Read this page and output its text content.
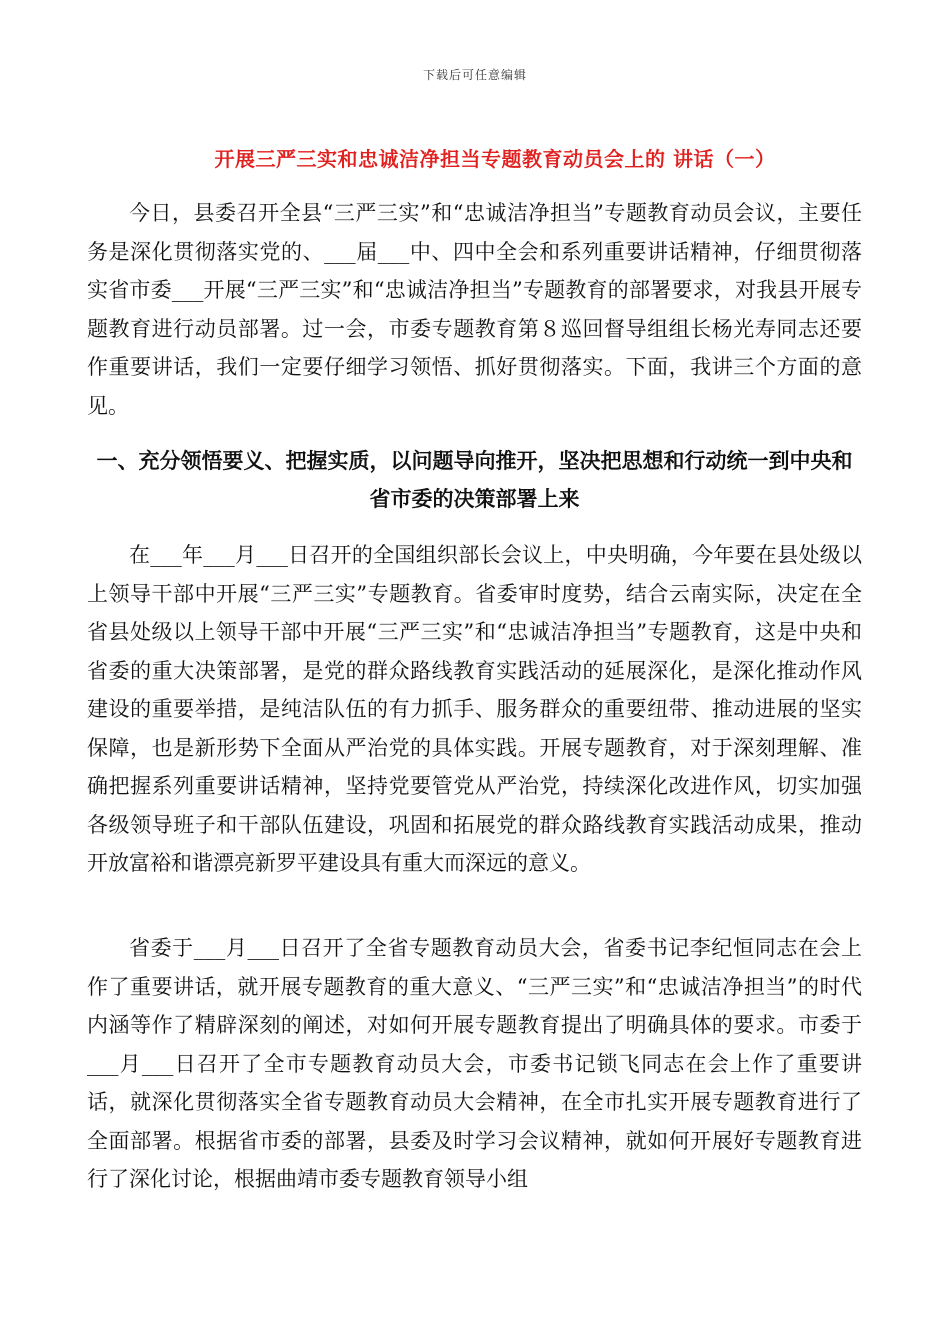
下载后可任意编辑
开展三严三实和忠诚洁净担当专题教育动员会上的 讲话（一）

今日，县委召开全县“三严三实”和“忠诚洁净担当”专题教育动员会议，主要任务是深化贯彻落实党的、___届___中、四中全会和系列重要讲话精神，仔细贯彻落实省市委___开展“三严三实”和“忠诚洁净担当”专题教育的部署要求，对我县开展专题教育进行动员部署。过一会，市委专题教育第８巡回督导组组长杨光寿同志还要作重要讲话，我们一定要仔细学习领悟、抓好贯彻落实。下面，我讲三个方面的意见。

一、充分领悟要义、把握实质，以问题导向推开，坚决把思想和行动统一到中央和省市委的决策部署上来

在___年___月___日召开的全国组织部长会议上，中央明确，今年要在县处级以上领导干部中开展“三严三实”专题教育。省委审时度势，结合云南实际，决定在全省县处级以上领导干部中开展“三严三实”和“忠诚洁净担当”专题教育，这是中央和省委的重大决策部署，是党的群众路线教育实践活动的延展深化，是深化推动作风建设的重要举措，是纯洁队伍的有力抓手、服务群众的重要纽带、推动进展的坚实保障，也是新形势下全面从严治党的具体实践。开展专题教育，对于深刻理解、准确把握系列重要讲话精神，坚持党要管党从严治党，持续深化改进作风，切实加强各级领导班子和干部队伍建设，巩固和拓展党的群众路线教育实践活动成果，推动开放富裕和谐漂亮新罗平建设具有重大而深远的意义。

省委于___月___日召开了全省专题教育动员大会，省委书记李纪恒同志在会上作了重要讲话，就开展专题教育的重大意义、“三严三实”和“忠诚洁净担当”的时代内涵等作了精辟深刻的阐述，对如何开展专题教育提出了明确具体的要求。市委于___月___日召开了全市专题教育动员大会，市委书记锁飞同志在会上作了重要讲话，就深化贯彻落实全省专题教育动员大会精神，在全市扎实开展专题教育进行了全面部署。根据省市委的部署，县委及时学习会议精神，就如何开展好专题教育进行了深化讨论，根据曲靖市委专题教育领导小组
